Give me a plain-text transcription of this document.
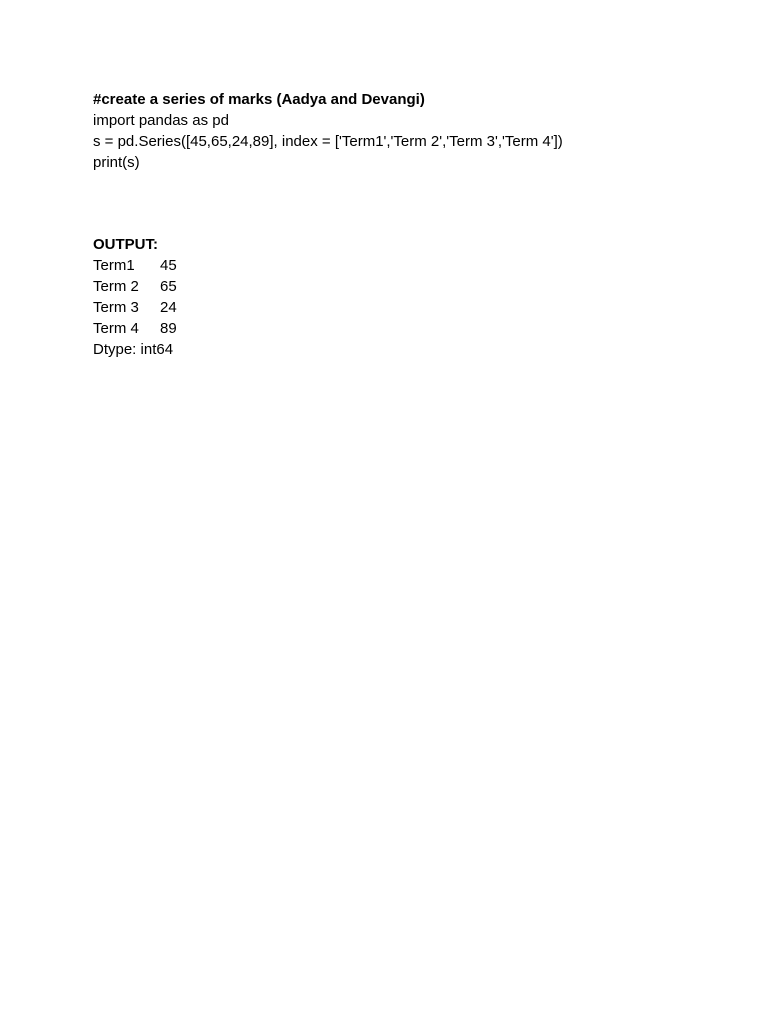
#create a series of marks (Aadya and Devangi)
import pandas as pd
s = pd.Series([45,65,24,89], index = ['Term1','Term 2','Term 3','Term 4'])
print(s)
OUTPUT:
Term1	45
Term 2	65
Term 3	24
Term 4	89
Dtype: int64
